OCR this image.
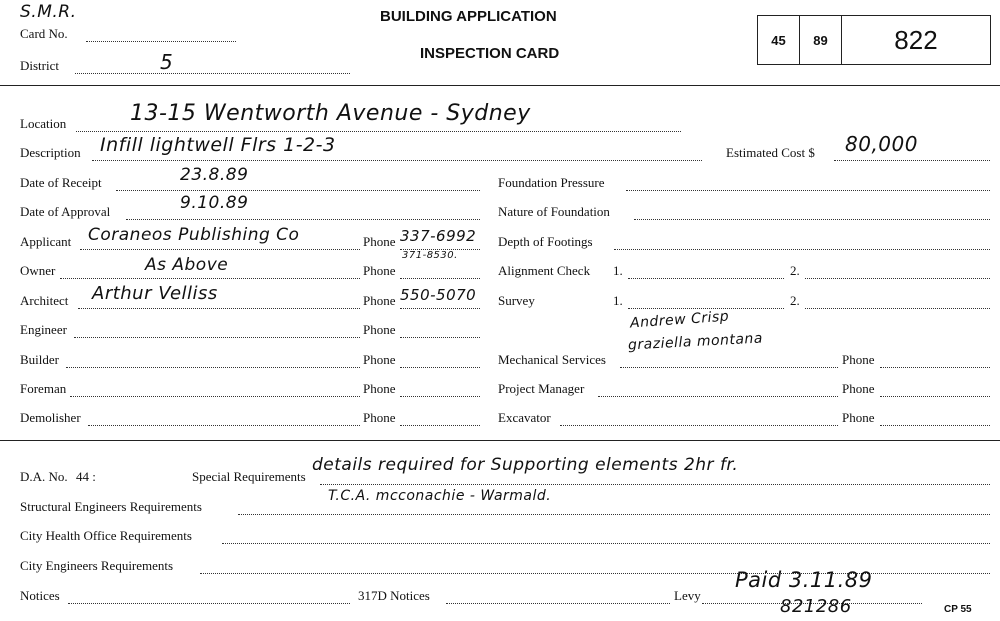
S.M.R.
Card No.
District	5
BUILDING APPLICATION
INSPECTION CARD
45	89	822
Location	13-15 Wentworth Avenue - Sydney
Description Infill lightwell Flrs 1-2-3	Estimated Cost $ 80,000
Date of Receipt	23.8.89
Date of Approval	9.10.89
Applicant Coraneos Publishing Co	Phone 337-6992
371-8530.
Owner	As Above	Phone
Architect Arthur Velliss	Phone 550-5070
Engineer	Phone
Builder	Phone
Foreman	Phone
Demolisher	Phone
Foundation Pressure
Nature of Foundation
Depth of Footings
Alignment Check 1.	2.
Survey	1.	2.
Andrew Crisp
graziella montana
Mechanical Services	Phone
Project Manager	Phone
Excavator	Phone
D.A. No. 44 :	Special Requirements
details required for Supporting elements 2hr fr.
Structural Engineers Requirements
T.C.A. mcconachie - Warmald.
City Health Office Requirements
City Engineers Requirements
Notices	317D Notices	Levy
Paid 3.11.89
821286	CP 55
